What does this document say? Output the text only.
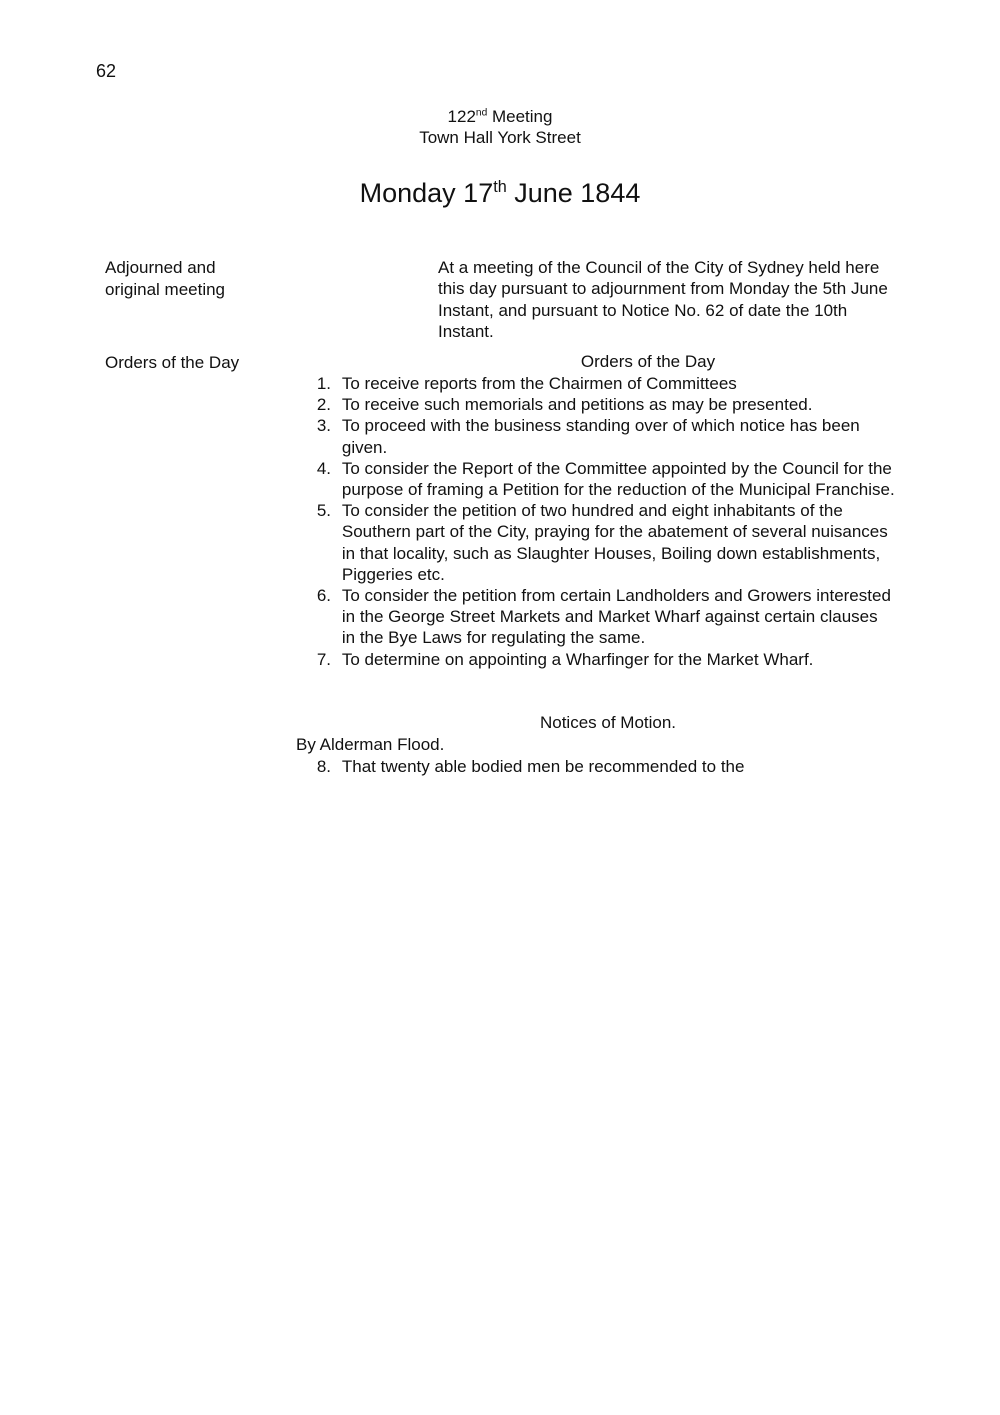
62
122nd Meeting
Town Hall York Street
Monday 17th June 1844
Adjourned and
original meeting
At a meeting of the Council of the City of Sydney held here this day pursuant to adjournment from Monday the 5th June Instant, and pursuant to Notice No. 62 of date the 10th Instant.
Orders of the Day	Orders of the Day
1. To receive reports from the Chairmen of Committees
2. To receive such memorials and petitions as may be presented.
3. To proceed with the business standing over of which notice has been given.
4. To consider the Report of the Committee appointed by the Council for the purpose of framing a Petition for the reduction of the Municipal Franchise.
5. To consider the petition of two hundred and eight inhabitants of the Southern part of the City, praying for the abatement of several nuisances in that locality, such as Slaughter Houses, Boiling down establishments, Piggeries etc.
6. To consider the petition from certain Landholders and Growers interested in the George Street Markets and Market Wharf against certain clauses in the Bye Laws for regulating the same.
7. To determine on appointing a Wharfinger for the Market Wharf.
Notices of Motion.
By Alderman Flood.
8. That twenty able bodied men be recommended to the
